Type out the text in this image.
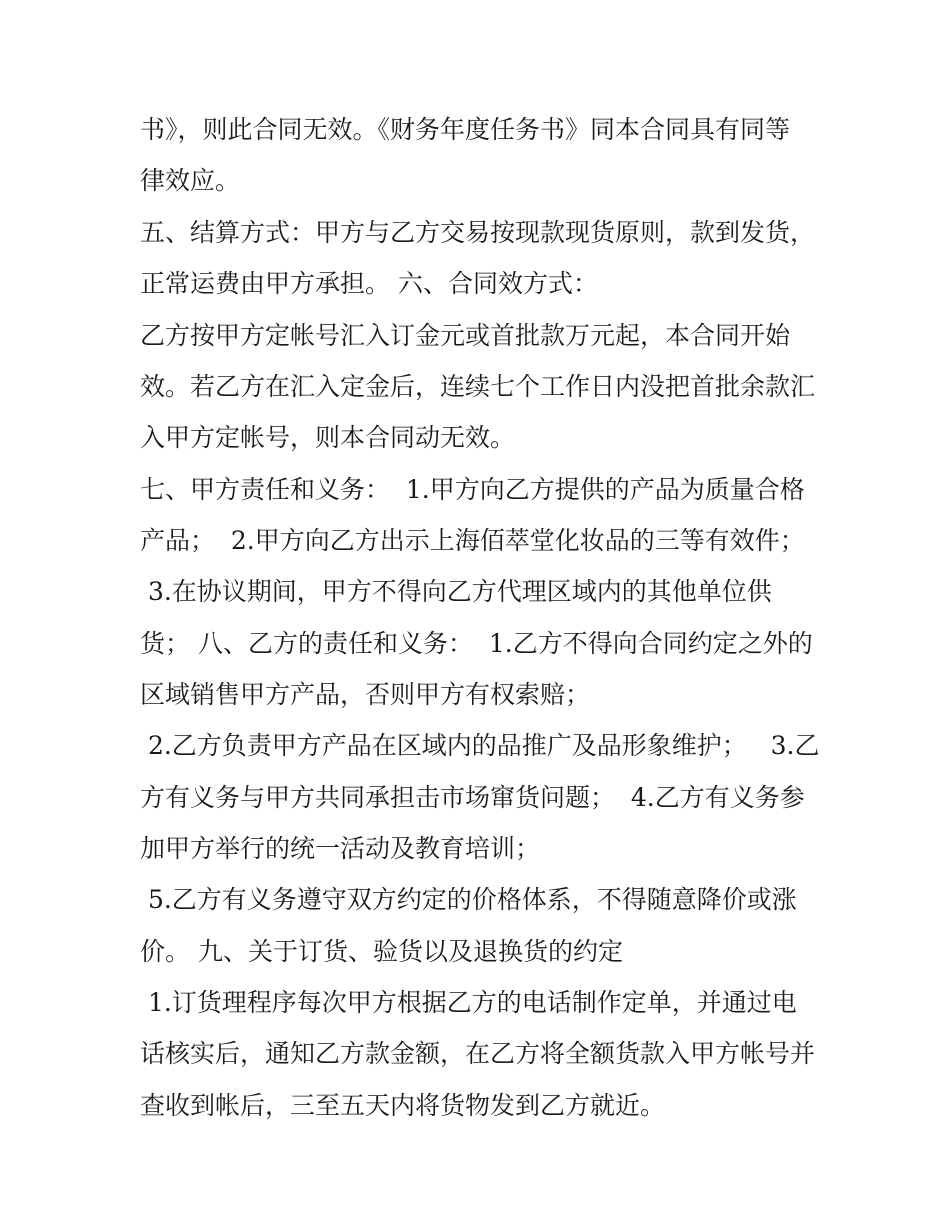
书》，则此合同无效。《财务年度任务书》同本合同具有同等
律效应。
五、结算方式：甲方与乙方交易按现款现货原则，款到发货，
正常运费由甲方承担。 六、合同效方式：
乙方按甲方定帐号汇入订金元或首批款万元起，本合同开始
效。若乙方在汇入定金后，连续七个工作日内没把首批余款汇
入甲方定帐号，则本合同动无效。
七、甲方责任和义务：  1.甲方向乙方提供的产品为质量合格
产品；  2.甲方向乙方出示上海佰萃堂化妆品的三等有效件；
3.在协议期间，甲方不得向乙方代理区域内的其他单位供
货； 八、乙方的责任和义务：  1.乙方不得向合同约定之外的
区域销售甲方产品，否则甲方有权索赔；
2.乙方负责甲方产品在区域内的品推广及品形象维护；   3.乙
方有义务与甲方共同承担击市场窜货问题；  4.乙方有义务参
加甲方举行的统一活动及教育培训；
5.乙方有义务遵守双方约定的价格体系，不得随意降价或涨
价。 九、关于订货、验货以及退换货的约定
1.订货理程序每次甲方根据乙方的电话制作定单，并通过电
话核实后，通知乙方款金额，在乙方将全额货款入甲方帐号并
查收到帐后，三至五天内将货物发到乙方就近。
